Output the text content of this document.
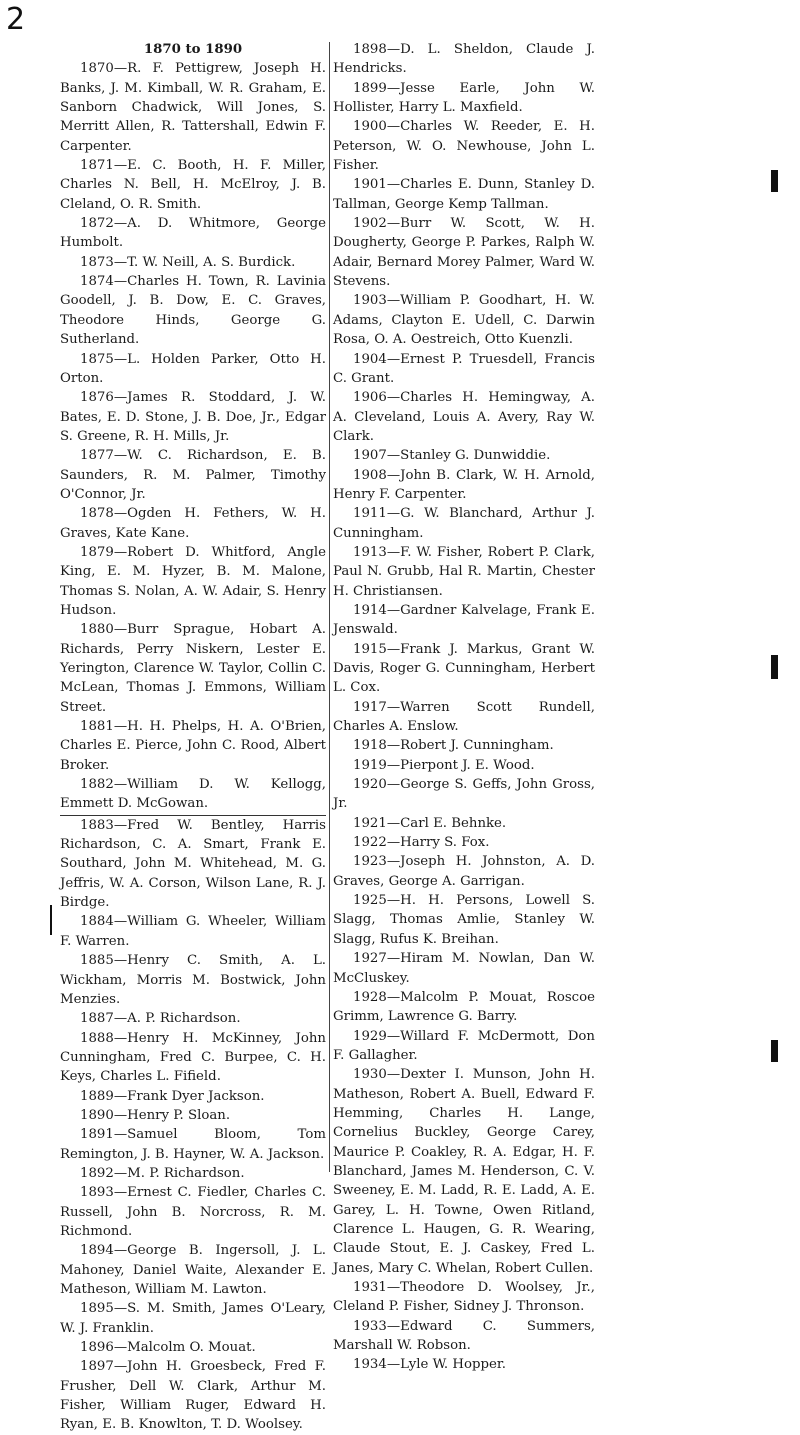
2

1870 to 1890

1870—R. F. Pettigrew, Joseph H. Banks, J. M. Kimball, W. R. Graham, E. Sanborn Chadwick, Will Jones, S. Merritt Allen, R. Tattershall, Edwin F. Carpenter.

1871—E. C. Booth, H. F. Miller, Charles N. Bell, H. McElroy, J. B. Cleland, O. R. Smith.

1872—A. D. Whitmore, George Humbolt.

1873—T. W. Neill, A. S. Burdick.

1874—Charles H. Town, R. Lavinia Goodell, J. B. Dow, E. C. Graves, Theodore Hinds, George G. Sutherland.

1875—L. Holden Parker, Otto H. Orton.

1876—James R. Stoddard, J. W. Bates, E. D. Stone, J. B. Doe, Jr., Edgar S. Greene, R. H. Mills, Jr.

1877—W. C. Richardson, E. B. Saunders, R. M. Palmer, Timothy O'Connor, Jr.

1878—Ogden H. Fethers, W. H. Graves, Kate Kane.

1879—Robert D. Whitford, Angle King, E. M. Hyzer, B. M. Malone, Thomas S. Nolan, A. W. Adair, S. Henry Hudson.

1880—Burr Sprague, Hobart A. Richards, Perry Niskern, Lester E. Yerington, Clarence W. Taylor, Collin C. McLean, Thomas J. Emmons, William Street.

1881—H. H. Phelps, H. A. O'Brien, Charles E. Pierce, John C. Rood, Albert Broker.

1882—William D. W. Kellogg, Emmett D. McGowan.

1883—Fred W. Bentley, Harris Richardson, C. A. Smart, Frank E. Southard, John M. Whitehead, M. G. Jeffris, W. A. Corson, Wilson Lane, R. J. Birdge.

1884—William G. Wheeler, William F. Warren.

1885—Henry C. Smith, A. L. Wickham, Morris M. Bostwick, John Menzies.

1887—A. P. Richardson.

1888—Henry H. McKinney, John Cunningham, Fred C. Burpee, C. H. Keys, Charles L. Fifield.

1889—Frank Dyer Jackson.

1890—Henry P. Sloan.

1891—Samuel Bloom, Tom Remington, J. B. Hayner, W. A. Jackson.

1892—M. P. Richardson.

1893—Ernest C. Fiedler, Charles C. Russell, John B. Norcross, R. M. Richmond.

1894—George B. Ingersoll, J. L. Mahoney, Daniel Waite, Alexander E. Matheson, William M. Lawton.

1895—S. M. Smith, James O'Leary, W. J. Franklin.

1896—Malcolm O. Mouat.

1897—John H. Groesbeck, Fred F. Frusher, Dell W. Clark, Arthur M. Fisher, William Ruger, Edward H. Ryan, E. B. Knowlton, T. D. Woolsey.

1898—D. L. Sheldon, Claude J. Hendricks.

1899—Jesse Earle, John W. Hollister, Harry L. Maxfield.

1900—Charles W. Reeder, E. H. Peterson, W. O. Newhouse, John L. Fisher.

1901—Charles E. Dunn, Stanley D. Tallman, George Kemp Tallman.

1902—Burr W. Scott, W. H. Dougherty, George P. Parkes, Ralph W. Adair, Bernard Morey Palmer, Ward W. Stevens.

1903—William P. Goodhart, H. W. Adams, Clayton E. Udell, C. Darwin Rosa, O. A. Oestreich, Otto Kuenzli.

1904—Ernest P. Truesdell, Francis C. Grant.

1906—Charles H. Hemingway, A. A. Cleveland, Louis A. Avery, Ray W. Clark.

1907—Stanley G. Dunwiddie.

1908—John B. Clark, W. H. Arnold, Henry F. Carpenter.

1911—G. W. Blanchard, Arthur J. Cunningham.

1913—F. W. Fisher, Robert P. Clark, Paul N. Grubb, Hal R. Martin, Chester H. Christiansen.

1914—Gardner Kalvelage, Frank E. Jenswald.

1915—Frank J. Markus, Grant W. Davis, Roger G. Cunningham, Herbert L. Cox.

1917—Warren Scott Rundell, Charles A. Enslow.

1918—Robert J. Cunningham.

1919—Pierpont J. E. Wood.

1920—George S. Geffs, John Gross, Jr.

1921—Carl E. Behnke.

1922—Harry S. Fox.

1923—Joseph H. Johnston, A. D. Graves, George A. Garrigan.

1925—H. H. Persons, Lowell S. Slagg, Thomas Amlie, Stanley W. Slagg, Rufus K. Breihan.

1927—Hiram M. Nowlan, Dan W. McCluskey.

1928—Malcolm P. Mouat, Roscoe Grimm, Lawrence G. Barry.

1929—Willard F. McDermott, Don F. Gallagher.

1930—Dexter I. Munson, John H. Matheson, Robert A. Buell, Edward F. Hemming, Charles H. Lange, Cornelius Buckley, George Carey, Maurice P. Coakley, R. A. Edgar, H. F. Blanchard, James M. Henderson, C. V. Sweeney, E. M. Ladd, R. E. Ladd, A. E. Garey, L. H. Towne, Owen Ritland, Clarence L. Haugen, G. R. Wearing, Claude Stout, E. J. Caskey, Fred L. Janes, Mary C. Whelan, Robert Cullen.

1931—Theodore D. Woolsey, Jr., Cleland P. Fisher, Sidney J. Thronson.

1933—Edward C. Summers, Marshall W. Robson.

1934—Lyle W. Hopper.
